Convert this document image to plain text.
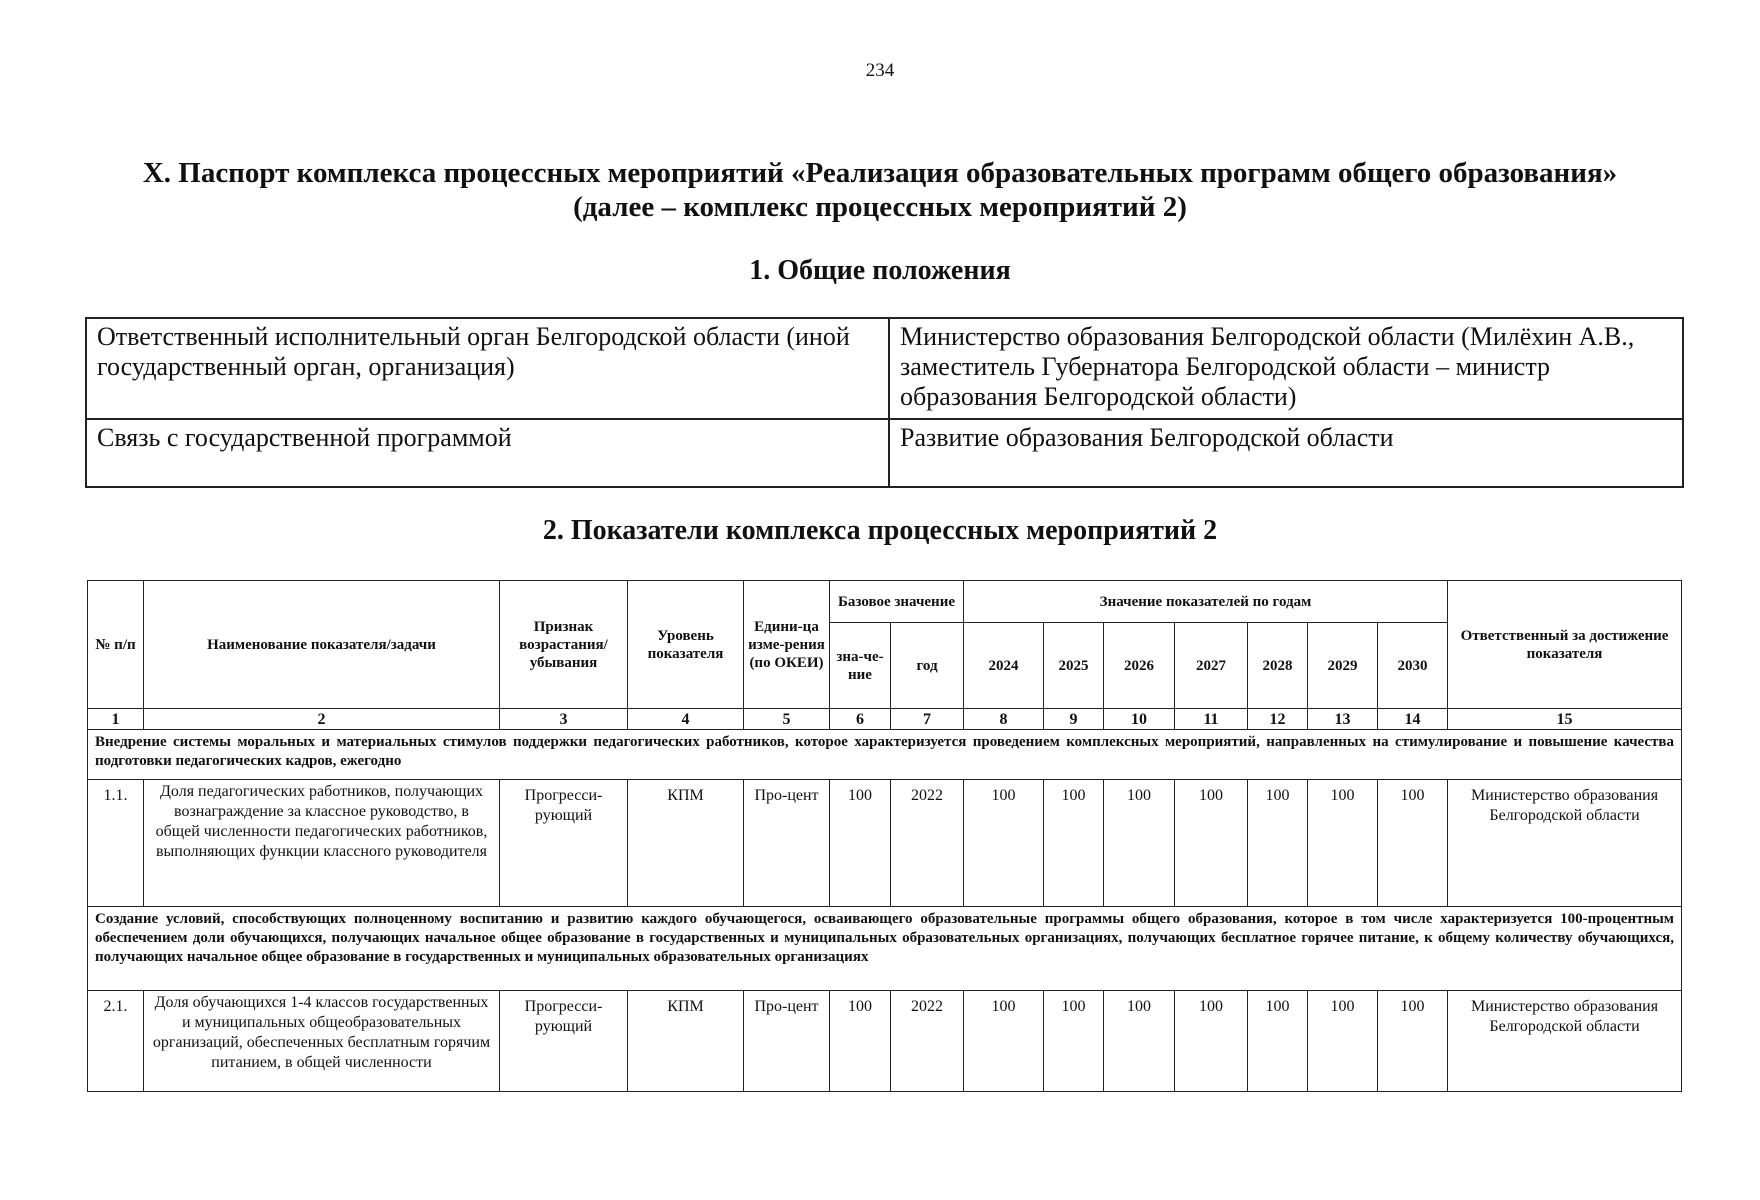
234
X. Паспорт комплекса процессных мероприятий «Реализация образовательных программ общего образования»
(далее – комплекс процессных мероприятий 2)
1. Общие положения
Ответственный исполнительный орган Белгородской области (иной государственный орган, организация)	Министерство образования Белгородской области (Милёхин А.В., заместитель Губернатора Белгородской области – министр образования Белгородской области)
Связь с государственной программой	Развитие образования Белгородской области
2. Показатели комплекса процессных мероприятий 2
№ п/п	Наименование показателя/задачи	Признак возрастания/ убывания	Уровень показателя	Едини-ца изме-рения (по ОКЕИ)	Базовое значение		Значение показателей по годам							Ответственный за достижение показателя
					зна-че-ние	год	2024	2025	2026	2027	2028	2029	2030	
1	2	3	4	5	6	7	8	9	10	11	12	13	14	15
Внедрение системы моральных и материальных стимулов поддержки педагогических работников, которое характеризуется проведением комплексных мероприятий, направленных на стимулирование и повышение качества подготовки педагогических кадров, ежегодно														
1.1.	Доля педагогических работников, получающих вознаграждение за классное руководство, в общей численности педагогических работников, выполняющих функции классного руководителя	Прогресси-рующий	КПМ	Про-цент	100	2022	100	100	100	100	100	100	100	Министерство образования Белгородской области
Создание условий, способствующих полноценному воспитанию и развитию каждого обучающегося, осваивающего образовательные программы общего образования, которое в том числе характеризуется 100-процентным обеспечением доли обучающихся, получающих начальное общее образование в государственных и муниципальных образовательных организациях, получающих бесплатное горячее питание, к общему количеству обучающихся, получающих начальное общее образование в государственных и муниципальных образовательных организациях														
2.1.	Доля обучающихся 1-4 классов государственных и муниципальных общеобразовательных организаций, обеспеченных бесплатным горячим питанием, в общей численности	Прогресси-рующий	КПМ	Про-цент	100	2022	100	100	100	100	100	100	100	Министерство образования Белгородской области
